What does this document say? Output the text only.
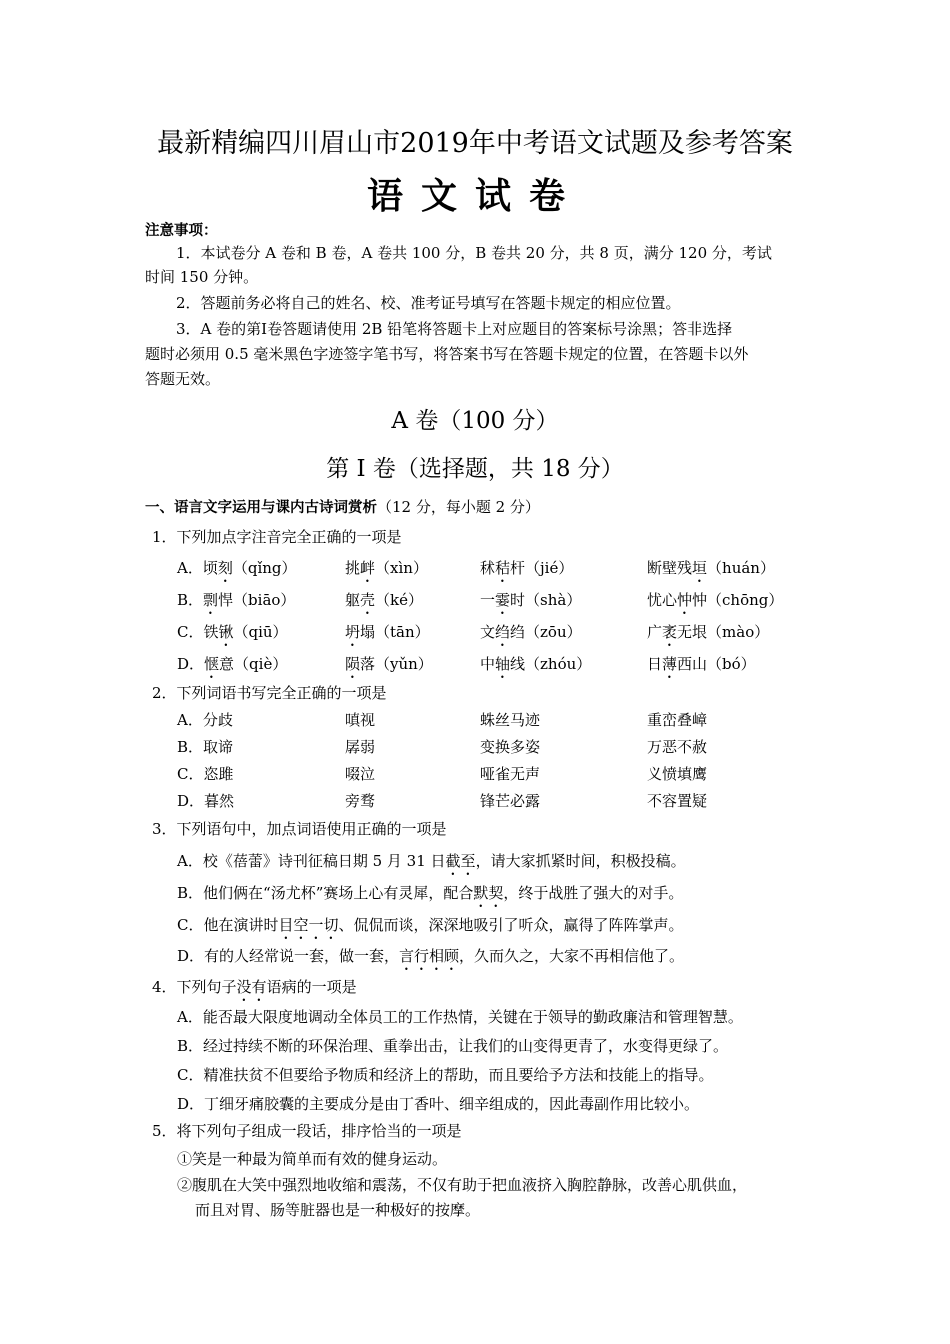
最新精编四川眉山市2019年中考语文试题及参考答案
语文试卷
注意事项：
1．本试卷分 A 卷和 B 卷，A 卷共 100 分，B 卷共 20 分，共 8 页，满分 120 分，考试
时间 150 分钟。
2．答题前务必将自己的姓名、校、准考证号填写在答题卡规定的相应位置。
3．A 卷的第Ⅰ卷答题请使用 2B 铅笔将答题卡上对应题目的答案标号涂黑；答非选择
题时必须用 0.5 毫米黑色字迹签字笔书写，将答案书写在答题卡规定的位置，在答题卡以外
答题无效。
A 卷（100 分）
第 I 卷（选择题，共 18 分）
一、语言文字运用与课内古诗词赏析（12 分，每小题 2 分）
1．下列加点字注音完全正确的一项是
A．顷刻（qǐng）	挑衅（xìn）	秫秸杆（jié）	断壁残垣（huán）
B．剽悍（biāo）	躯壳（ké）	一霎时（shà）	忧心忡忡（chōng）
C．铁锹（qiū）	坍塌（tān）	文绉绉（zōu）	广袤无垠（mào）
D．惬意（qiè）	陨落（yǔn）	中轴线（zhóu）	日薄西山（bó）
2．下列词语书写完全正确的一项是
A．分歧	嗔视	蛛丝马迹	重峦叠嶂
B．取谛	孱弱	变换多姿	万恶不赦
C．恣雎	啜泣	哑雀无声	义愤填鹰
D．暮然	旁骛	锋芒必露	不容置疑
3．下列语句中，加点词语使用正确的一项是
A．校《蓓蕾》诗刊征稿日期 5 月 31 日截至，请大家抓紧时间，积极投稿。
B．他们俩在“汤尤杯”赛场上心有灵犀，配合默契，终于战胜了强大的对手。
C．他在演讲时目空一切、侃侃而谈，深深地吸引了听众，赢得了阵阵掌声。
D．有的人经常说一套，做一套，言行相顾，久而久之，大家不再相信他了。
4．下列句子没有语病的一项是
A．能否最大限度地调动全体员工的工作热情，关键在于领导的勤政廉洁和管理智慧。
B．经过持续不断的环保治理、重拳出击，让我们的山变得更青了，水变得更绿了。
C．精准扶贫不但要给予物质和经济上的帮助，而且要给予方法和技能上的指导。
D．丁细牙痛胶囊的主要成分是由丁香叶、细辛组成的，因此毒副作用比较小。
5．将下列句子组成一段话，排序恰当的一项是
①笑是一种最为简单而有效的健身运动。
②腹肌在大笑中强烈地收缩和震荡，不仅有助于把血液挤入胸腔静脉，改善心肌供血，
而且对胃、肠等脏器也是一种极好的按摩。
